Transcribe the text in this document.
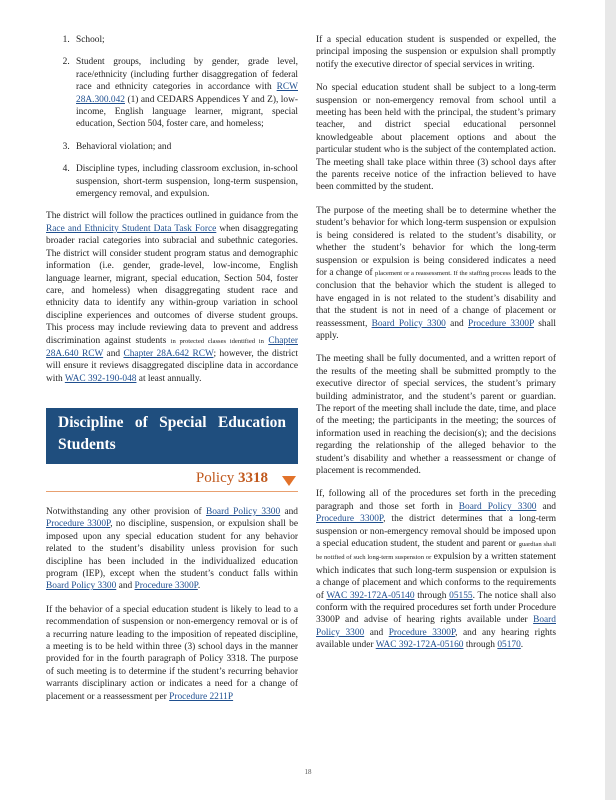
1. School;
2. Student groups, including by gender, grade level, race/ethnicity (including further disaggregation of federal race and ethnicity categories in accordance with RCW 28A.300.042 (1) and CEDARS Appendices Y and Z), low-income, English language learner, migrant, special education, Section 504, foster care, and homeless;
3. Behavioral violation; and
4. Discipline types, including classroom exclusion, in-school suspension, short-term suspension, long-term suspension, emergency removal, and expulsion.

The district will follow the practices outlined in guidance from the Race and Ethnicity Student Data Task Force when disaggregating broader racial categories into subracial and subethnic categories. The district will consider student program status and demographic information (i.e. gender, grade-level, low-income, English language learner, migrant, special education, Section 504, foster care, and homeless) when disaggregating student race and ethnicity data to identify any within-group variation in school discipline experiences and outcomes of diverse student groups. This process may include reviewing data to prevent and address discrimination against students in protected classes identified in Chapter 28A.640 RCW and Chapter 28A.642 RCW; however, the district will ensure it reviews disaggregated discipline data in accordance with WAC 392-190-048 at least annually.

Discipline of Special Education
Students
Policy 3318

Notwithstanding any other provision of Board Policy 3300 and Procedure 3300P, no discipline, suspension, or expulsion shall be imposed upon any special education student for any behavior related to the student’s disability unless provision for such discipline has been included in the individualized education program (IEP), except when the student’s conduct falls within Board Policy 3300 and Procedure 3300P.

If the behavior of a special education student is likely to lead to a recommendation of suspension or non-emergency removal or is of a recurring nature leading to the imposition of repeated discipline, a meeting is to be held within three (3) school days in the manner provided for in the fourth paragraph of Policy 3318. The purpose of such meeting is to determine if the student’s recurring behavior warrants disciplinary action or indicates a need for a change of placement or a reassessment per Procedure 2211P

If a special education student is suspended or expelled, the principal imposing the suspension or expulsion shall promptly notify the executive director of special services in writing.

No special education student shall be subject to a long-term suspension or non-emergency removal from school until a meeting has been held with the principal, the student’s primary teacher, and district special educational personnel knowledgeable about placement options and about the particular student who is the subject of the contemplated action. The meeting shall take place within three (3) school days after the parents receive notice of the infraction believed to have been committed by the student.

The purpose of the meeting shall be to determine whether the student’s behavior for which long-term suspension or expulsion is being considered is related to the student’s disability, or whether the student’s behavior for which the long-term suspension or expulsion is being considered indicates a need for a change of placement or a reassessment. If the staffing process leads to the conclusion that the behavior which the student is alleged to have engaged in is not related to the student’s disability and that the student is not in need of a change of placement or reassessment, Board Policy 3300 and Procedure 3300P shall apply.

The meeting shall be fully documented, and a written report of the results of the meeting shall be submitted promptly to the executive director of special services, the student’s primary building administrator, and the student’s parent or guardian. The report of the meeting shall include the date, time, and place of the meeting; the participants in the meeting; the sources of information used in reaching the decision(s); and the decisions regarding the relationship of the alleged behavior to the student’s disability and whether a reassessment or change of placement is recommended.

If, following all of the procedures set forth in the preceding paragraph and those set forth in Board Policy 3300 and Procedure 3300P, the district determines that a long-term suspension or non-emergency removal should be imposed upon a special education student, the student and parent or guardian shall be notified of such long-term suspension or expulsion by a written statement which indicates that such long-term suspension or expulsion is a change of placement and which conforms to the requirements of WAC 392-172A-05140 through 05155. The notice shall also conform with the required procedures set forth under Procedure 3300P and advise of hearing rights available under Board Policy 3300 and Procedure 3300P, and any hearing rights available under WAC 392-172A-05160 through 05170.

18
